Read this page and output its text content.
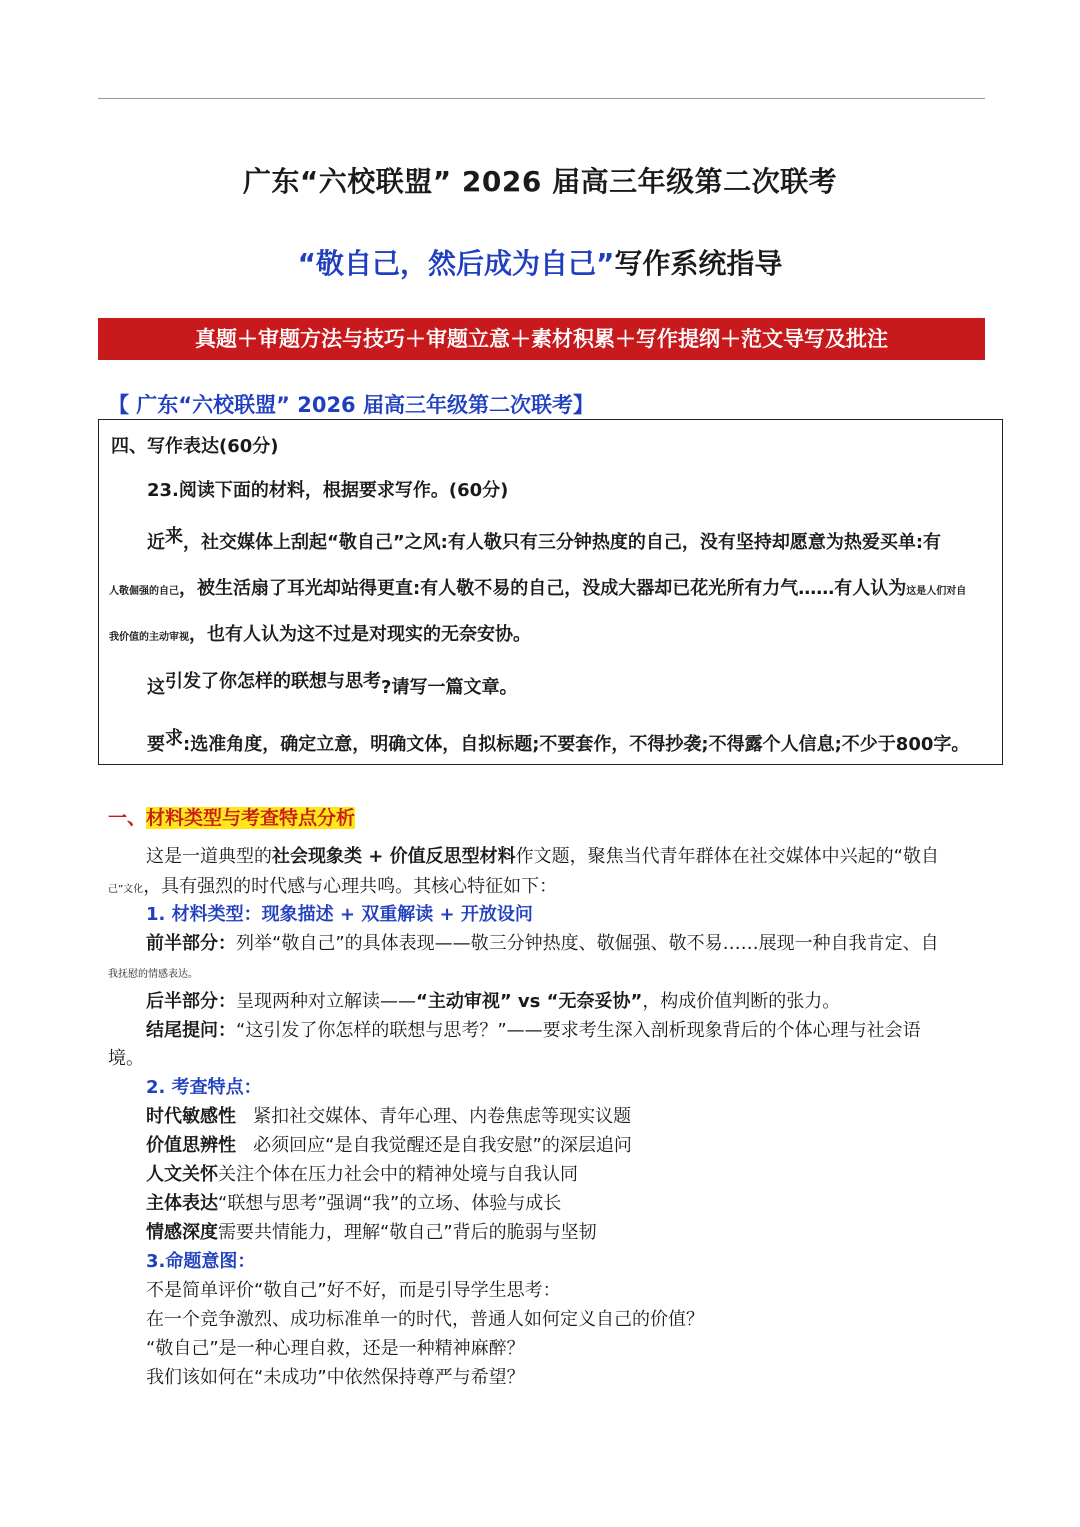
广东“六校联盟” 2026 届高三年级第二次联考
“敬自己，然后成为自己”写作系统指导
真题＋审题方法与技巧＋审题立意＋素材积累＋写作提纲＋范文导写及批注
【 广东“六校联盟” 2026 届高三年级第二次联考】
四、写作表达(60分)
23.阅读下面的材料，根据要求写作。(60分)
近来，社交媒体上刮起“敬自己”之风:有人敬只有三分钟热度的自己，没有坚持却愿意为热爱买单:有
人敬倔强的自己，被生活扇了耳光却站得更直:有人敬不易的自己，没成大器却已花光所有力气……有人认为这是人们对自
我价值的主动审视，也有人认为这不过是对现实的无奈安协。
这引发了你怎样的联想与思考?请写一篇文章。
要求:选准角度，确定立意，明确文体，自拟标题;不要套作，不得抄袭;不得露个人信息;不少于800字。
一、材料类型与考查特点分析
这是一道典型的社会现象类 + 价值反思型材料作文题，聚焦当代青年群体在社交媒体中兴起的“敬自
己”文化，具有强烈的时代感与心理共鸣。其核心特征如下：
1. 材料类型：现象描述 + 双重解读 + 开放设问
前半部分：列举“敬自己”的具体表现——敬三分钟热度、敬倔强、敬不易……展现一种自我肯定、自
我抚慰的情感表达。
后半部分：呈现两种对立解读——“主动审视” vs “无奈妥协”，构成价值判断的张力。
结尾提问：“这引发了你怎样的联想与思考？”——要求考生深入剖析现象背后的个体心理与社会语
境。
2. 考查特点：
时代敏感性 紧扣社交媒体、青年心理、内卷焦虑等现实议题
价值思辨性 必须回应“是自我觉醒还是自我安慰”的深层追问
人文关怀关注个体在压力社会中的精神处境与自我认同
主体表达“联想与思考”强调“我”的立场、体验与成长
情感深度需要共情能力，理解“敬自己”背后的脆弱与坚韧
3.命题意图：
不是简单评价“敬自己”好不好，而是引导学生思考：
在一个竞争激烈、成功标准单一的时代，普通人如何定义自己的价值？
“敬自己”是一种心理自救，还是一种精神麻醉？
我们该如何在“未成功”中依然保持尊严与希望？
